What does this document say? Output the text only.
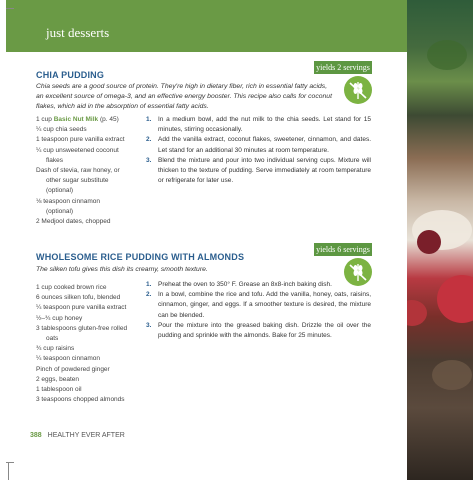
just desserts
yields 2 servings
CHIA PUDDING
Chia seeds are a good source of protein. They're high in dietary fiber, rich in essential fatty acids, an excellent source of omega-3, and an effective energy booster. This recipe also calls for coconut flakes, which aid in the absorption of essential fatty acids.
1 cup Basic Nut Milk (p. 45)
¼ cup chia seeds
1 teaspoon pure vanilla extract
¼ cup unsweetened coconut
flakes
Dash of stevia, raw honey, or
other sugar substitute
(optional)
⅛ teaspoon cinnamon
(optional)
2 Medjool dates, chopped
1. In a medium bowl, add the nut milk to the chia seeds. Let stand for 15 minutes, stirring occasionally.
2. Add the vanilla extract, coconut flakes, sweetener, cinnamon, and dates. Let stand for an additional 30 minutes at room temperature.
3. Blend the mixture and pour into two individual serving cups. Mixture will thicken to the texture of pudding. Serve immediately at room temperature or refrigerate for later use.
yields 6 servings
WHOLESOME RICE PUDDING WITH ALMONDS
The silken tofu gives this dish its creamy, smooth texture.
1 cup cooked brown rice
6 ounces silken tofu, blended
¼ teaspoon pure vanilla extract
½–¾ cup honey
3 tablespoons gluten-free rolled
oats
¾ cup raisins
¼ teaspoon cinnamon
Pinch of powdered ginger
2 eggs, beaten
1 tablespoon oil
3 teaspoons chopped almonds
1. Preheat the oven to 350° F. Grease an 8x8-inch baking dish.
2. In a bowl, combine the rice and tofu. Add the vanilla, honey, oats, raisins, cinnamon, ginger, and eggs. If a smoother texture is desired, the mixture can be blended.
3. Pour the mixture into the greased baking dish. Drizzle the oil over the pudding and sprinkle with the almonds. Bake for 25 minutes.
388 HEALTHY EVER AFTER
